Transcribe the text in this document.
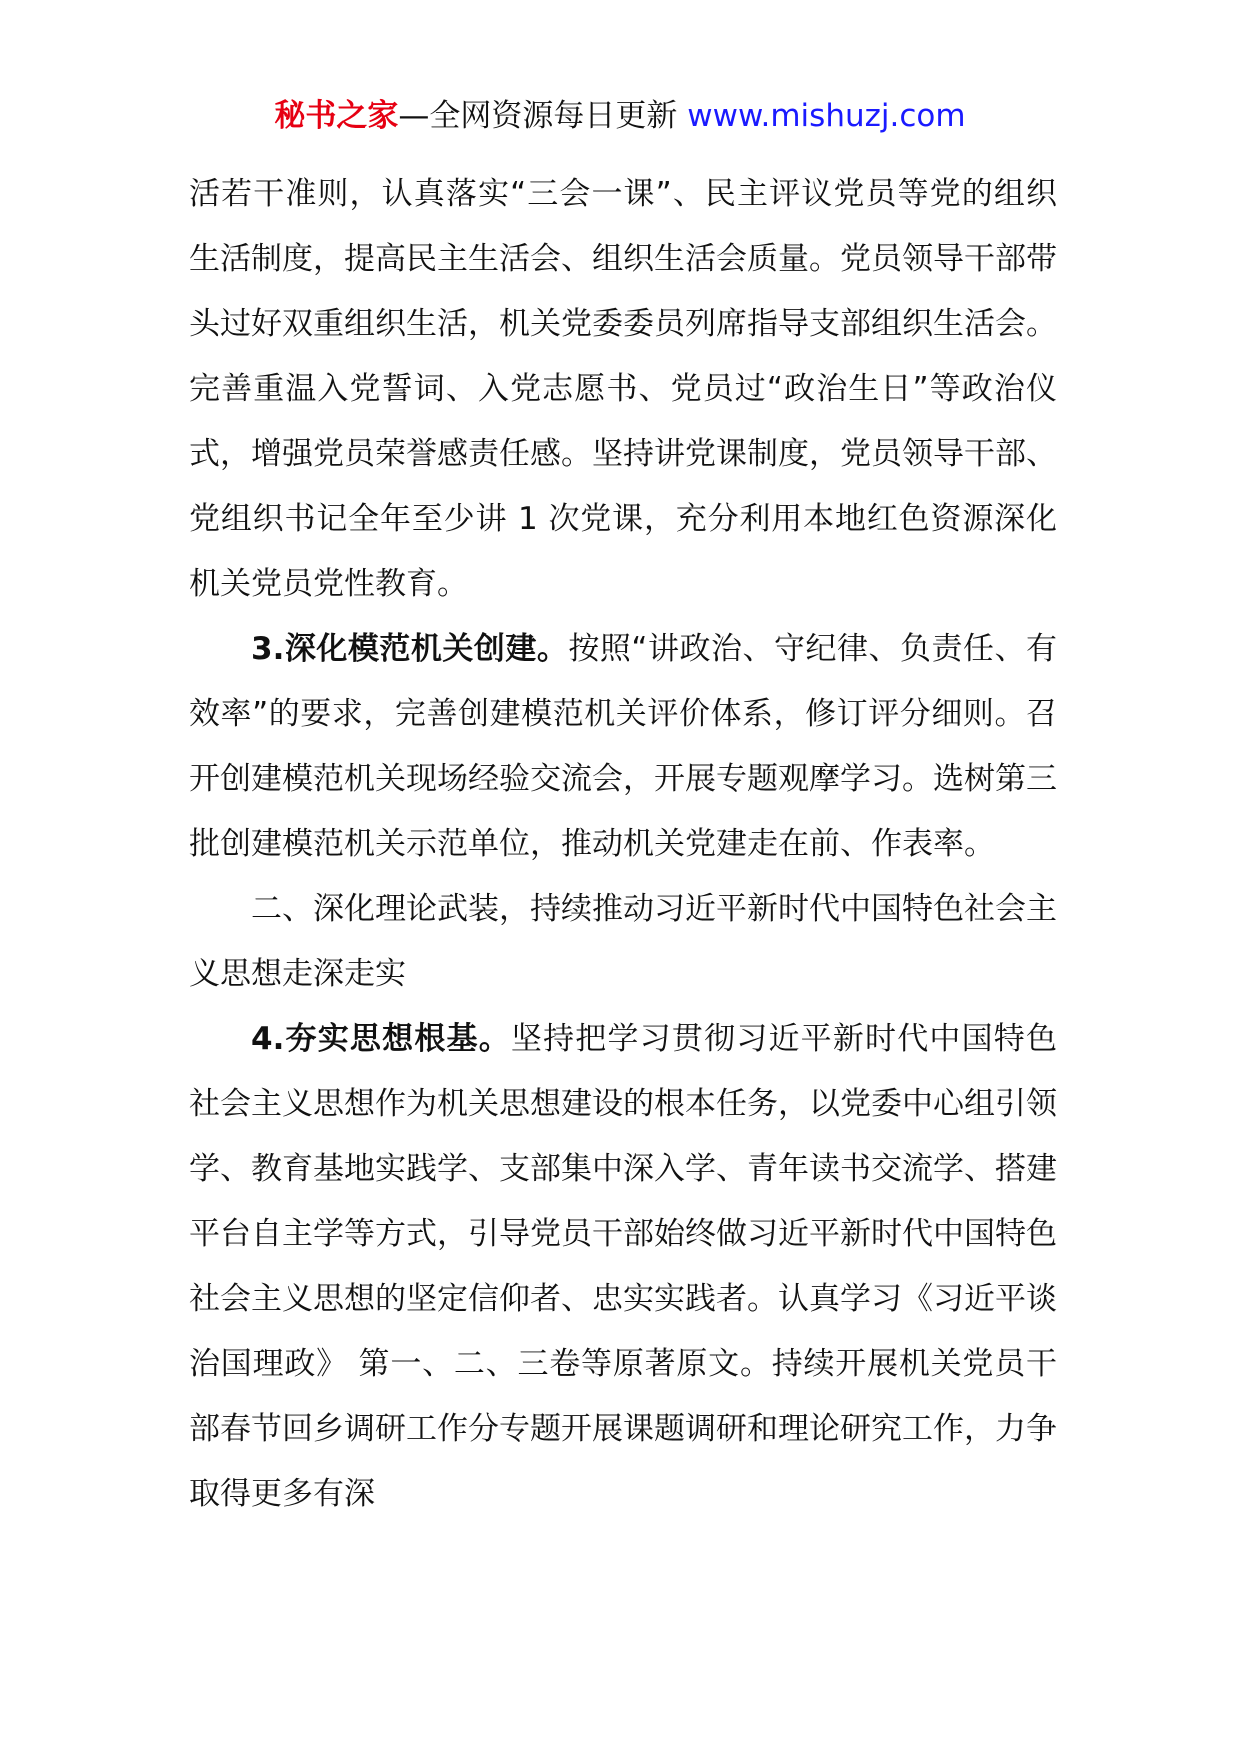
秘书之家—全网资源每日更新 www.mishuzj.com

活若干准则，认真落实“三会一课”、民主评议党员等党的组织生活制度，提高民主生活会、组织生活会质量。党员领导干部带头过好双重组织生活，机关党委委员列席指导支部组织生活会。完善重温入党誓词、入党志愿书、党员过“政治生日”等政治仪式，增强党员荣誉感责任感。坚持讲党课制度，党员领导干部、党组织书记全年至少讲 1 次党课，充分利用本地红色资源深化机关党员党性教育。

3.深化模范机关创建。按照“讲政治、守纪律、负责任、有效率”的要求，完善创建模范机关评价体系，修订评分细则。召开创建模范机关现场经验交流会，开展专题观摩学习。选树第三批创建模范机关示范单位，推动机关党建走在前、作表率。

二、深化理论武装，持续推动习近平新时代中国特色社会主义思想走深走实

4.夯实思想根基。坚持把学习贯彻习近平新时代中国特色社会主义思想作为机关思想建设的根本任务，以党委中心组引领学、教育基地实践学、支部集中深入学、青年读书交流学、搭建平台自主学等方式，引导党员干部始终做习近平新时代中国特色社会主义思想的坚定信仰者、忠实实践者。认真学习《习近平谈治国理政》 第一、二、三卷等原著原文。持续开展机关党员干部春节回乡调研工作分专题开展课题调研和理论研究工作，力争取得更多有深
